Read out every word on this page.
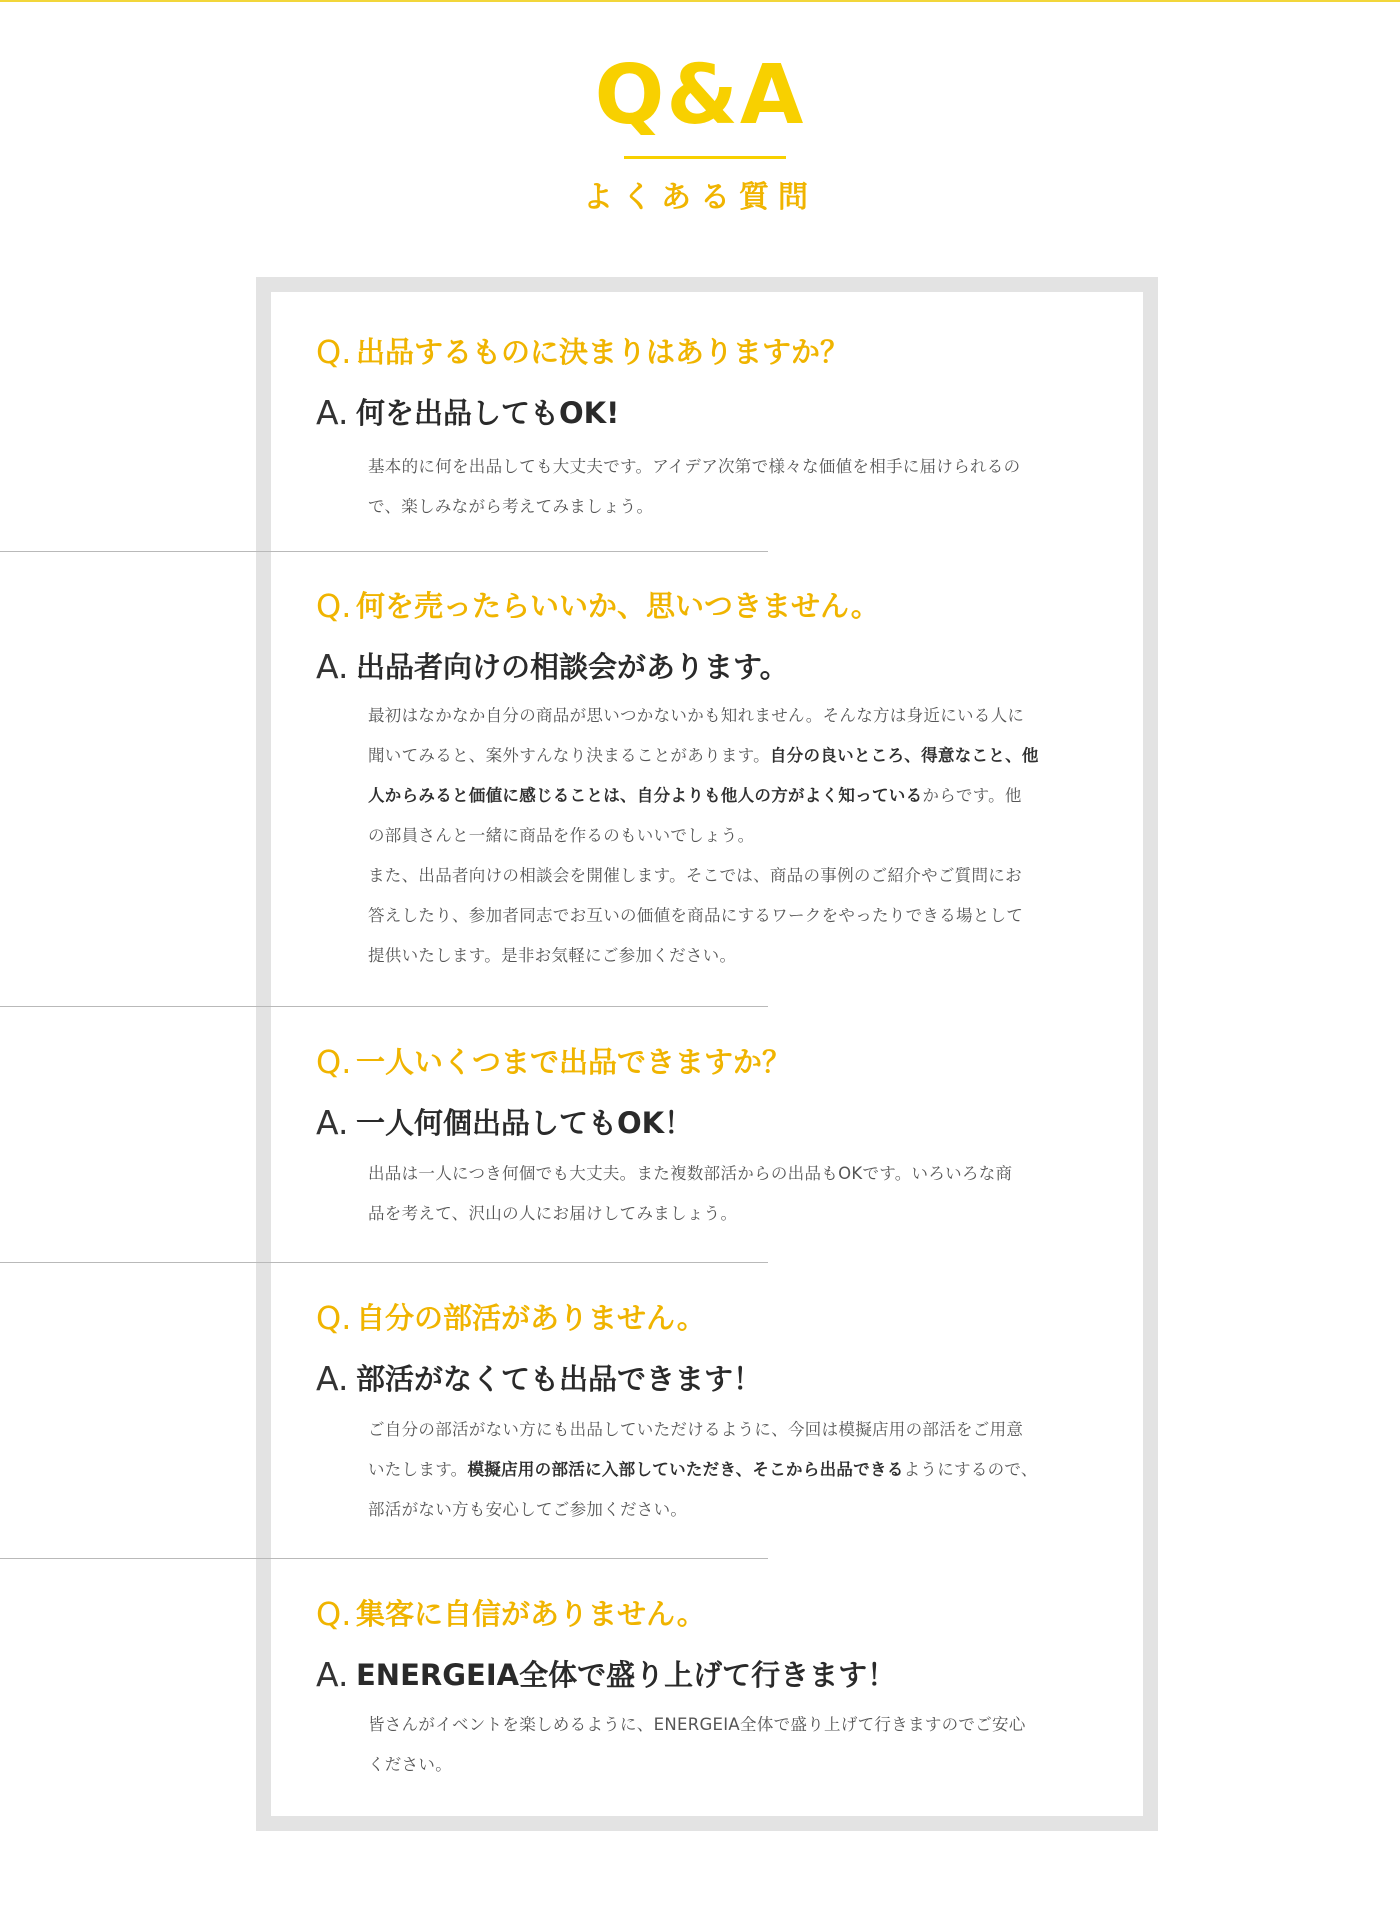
Q&A
よくある質問
Q. 出品するものに決まりはありますか？
A. 何を出品してもOK!
基本的に何を出品しても大丈夫です。アイデア次第で様々な価値を相手に届けられるの
で、楽しみながら考えてみましょう。
Q. 何を売ったらいいか、思いつきません。
A. 出品者向けの相談会があります。
最初はなかなか自分の商品が思いつかないかも知れません。そんな方は身近にいる人に
聞いてみると、案外すんなり決まることがあります。自分の良いところ、得意なこと、他
人からみると価値に感じることは、自分よりも他人の方がよく知っているからです。他
の部員さんと一緒に商品を作るのもいいでしょう。
また、出品者向けの相談会を開催します。そこでは、商品の事例のご紹介やご質問にお
答えしたり、参加者同志でお互いの価値を商品にするワークをやったりできる場として
提供いたします。是非お気軽にご参加ください。
Q. 一人いくつまで出品できますか？
A. 一人何個出品してもOK！
出品は一人につき何個でも大丈夫。また複数部活からの出品もOKです。いろいろな商
品を考えて、沢山の人にお届けしてみましょう。
Q. 自分の部活がありません。
A. 部活がなくても出品できます！
ご自分の部活がない方にも出品していただけるように、今回は模擬店用の部活をご用意
いたします。模擬店用の部活に入部していただき、そこから出品できるようにするので、
部活がない方も安心してご参加ください。
Q. 集客に自信がありません。
A. ENERGEIA全体で盛り上げて行きます！
皆さんがイベントを楽しめるように、ENERGEIA全体で盛り上げて行きますのでご安心
ください。
